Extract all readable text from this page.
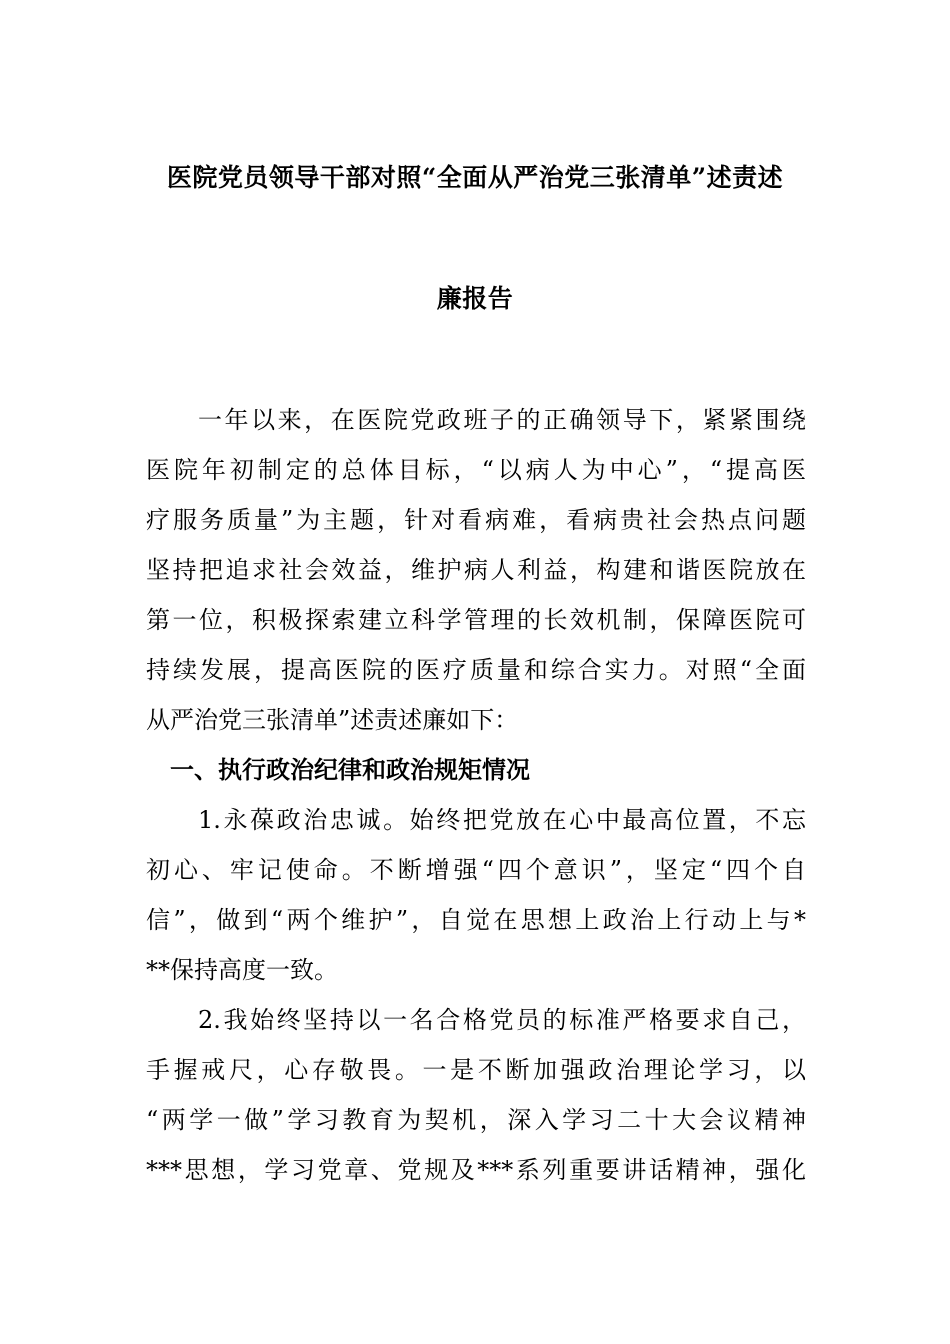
医院党员领导干部对照“全面从严治党三张清单”述责述
廉报告
一年以来，在医院党政班子的正确领导下，紧紧围绕
医院年初制定的总体目标，“以病人为中心”，“提高医
疗服务质量”为主题，针对看病难，看病贵社会热点问题
坚持把追求社会效益，维护病人利益，构建和谐医院放在
第一位，积极探索建立科学管理的长效机制，保障医院可
持续发展，提高医院的医疗质量和综合实力。对照“全面
从严治党三张清单”述责述廉如下：
一、执行政治纪律和政治规矩情况
1.永葆政治忠诚。始终把党放在心中最高位置，不忘
初心、牢记使命。不断增强“四个意识”，坚定“四个自
信”，做到“两个维护”，自觉在思想上政治上行动上与*
**保持高度一致。
2.我始终坚持以一名合格党员的标准严格要求自己，
手握戒尺，心存敬畏。一是不断加强政治理论学习，以
“两学一做”学习教育为契机，深入学习二十大会议精神
***思想，学习党章、党规及***系列重要讲话精神，强化
